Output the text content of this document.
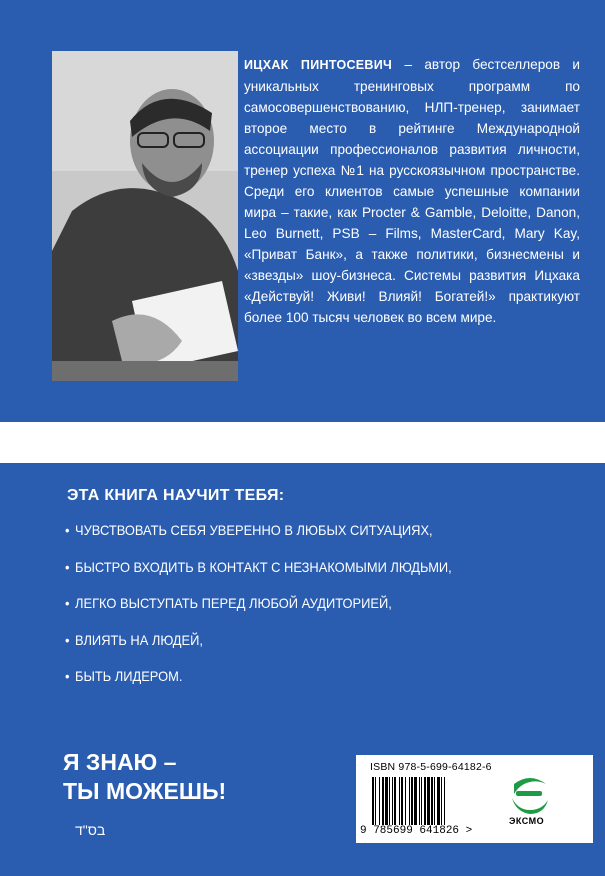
ИЦХАК ПИНТОСЕВИЧ – автор бестселлеров и уникальных тренинговых программ по самосовершенствованию, НЛП-тренер, занимает второе место в рейтинге Международной ассоциации профессионалов развития личности, тренер успеха №1 на русскоязычном пространстве. Среди его клиентов самые успешные компании мира – такие, как Procter & Gamble, Deloitte, Danon, Leo Burnett, PSB – Films, MasterCard, Mary Kay, «Приват Банк», а также политики, бизнесмены и «звезды» шоу-бизнеса. Системы развития Ицхака «Действуй! Живи! Влияй! Богатей!» практикуют более 100 тысяч человек во всем мире.

ЭТА КНИГА НАУЧИТ ТЕБЯ:
• ЧУВСТВОВАТЬ СЕБЯ УВЕРЕННО В ЛЮБЫХ СИТУАЦИЯХ,
• БЫСТРО ВХОДИТЬ В КОНТАКТ С НЕЗНАКОМЫМИ ЛЮДЬМИ,
• ЛЕГКО ВЫСТУПАТЬ ПЕРЕД ЛЮБОЙ АУДИТОРИЕЙ,
• ВЛИЯТЬ НА ЛЮДЕЙ,
• БЫТЬ ЛИДЕРОМ.

Я ЗНАЮ –
ТЫ МОЖЕШЬ!

בס"ד
ISBN 978-5-699-64182-6
9 785699 641826 >
ЭКСМО
